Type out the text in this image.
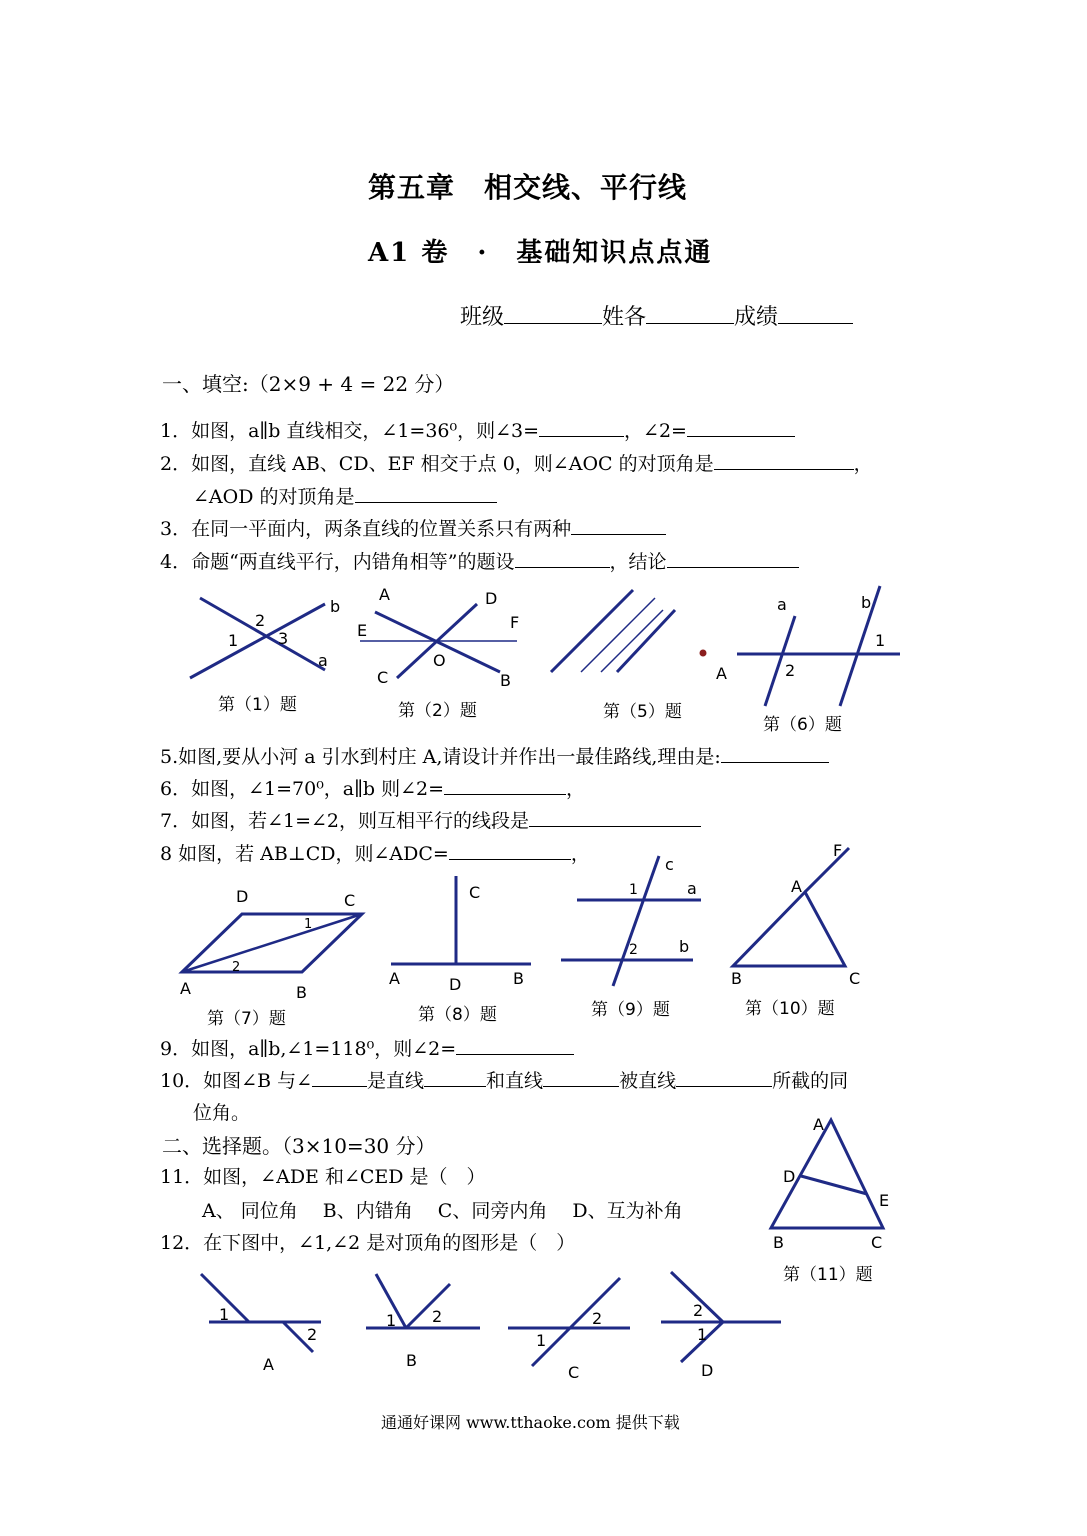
第五章　相交线、平行线
A1 卷　·　基础知识点点通
班级	姓各	成绩
一、填空:（2×9 + 4 = 22 分）
1．如图，a∥b 直线相交，∠1=36⁰，则∠3=	，∠2=
2．如图，直线 AB、CD、EF 相交于点 0，则∠AOC 的对顶角是	，
∠AOD 的对顶角是
3．在同一平面内，两条直线的位置关系只有两种
4．命题“两直线平行，内错角相等”的题设	，结论
2
1 3
b
a
第（1）题
A	D
F
E
O
C	B
第（2）题
A
第（5）题
a	b
1
2
第（6）题
5.如图,要从小河 a 引水到村庄 A,请设计并作出一最佳路线,理由是:
6．如图，∠1=70⁰，a∥b 则∠2=	，
7．如图，若∠1=∠2，则互相平行的线段是
8 如图，若 AB⊥CD，则∠ADC=	，
D	C
1
2
A	B
第（7）题
C
A	D	B
第（8）题
c
1	a
2	b
第（9）题
F
A
B	C
第（10）题
9．如图，a∥b,∠1=118⁰，则∠2=
10．如图∠B 与∠	是直线	和直线	被直线	所截的同
位角。
二、选择题。（3×10=30 分）
11．如图，∠ADE 和∠CED 是（　）
A、 同位角　 B、内错角　 C、同旁内角　 D、互为补角
12．在下图中，∠1,∠2 是对顶角的图形是（　）
A
D
E
B	C
第（11）题
1
2
A
1 2
B
1
2
C
2
1
D
通通好课网 www.tthaoke.com 提供下载
